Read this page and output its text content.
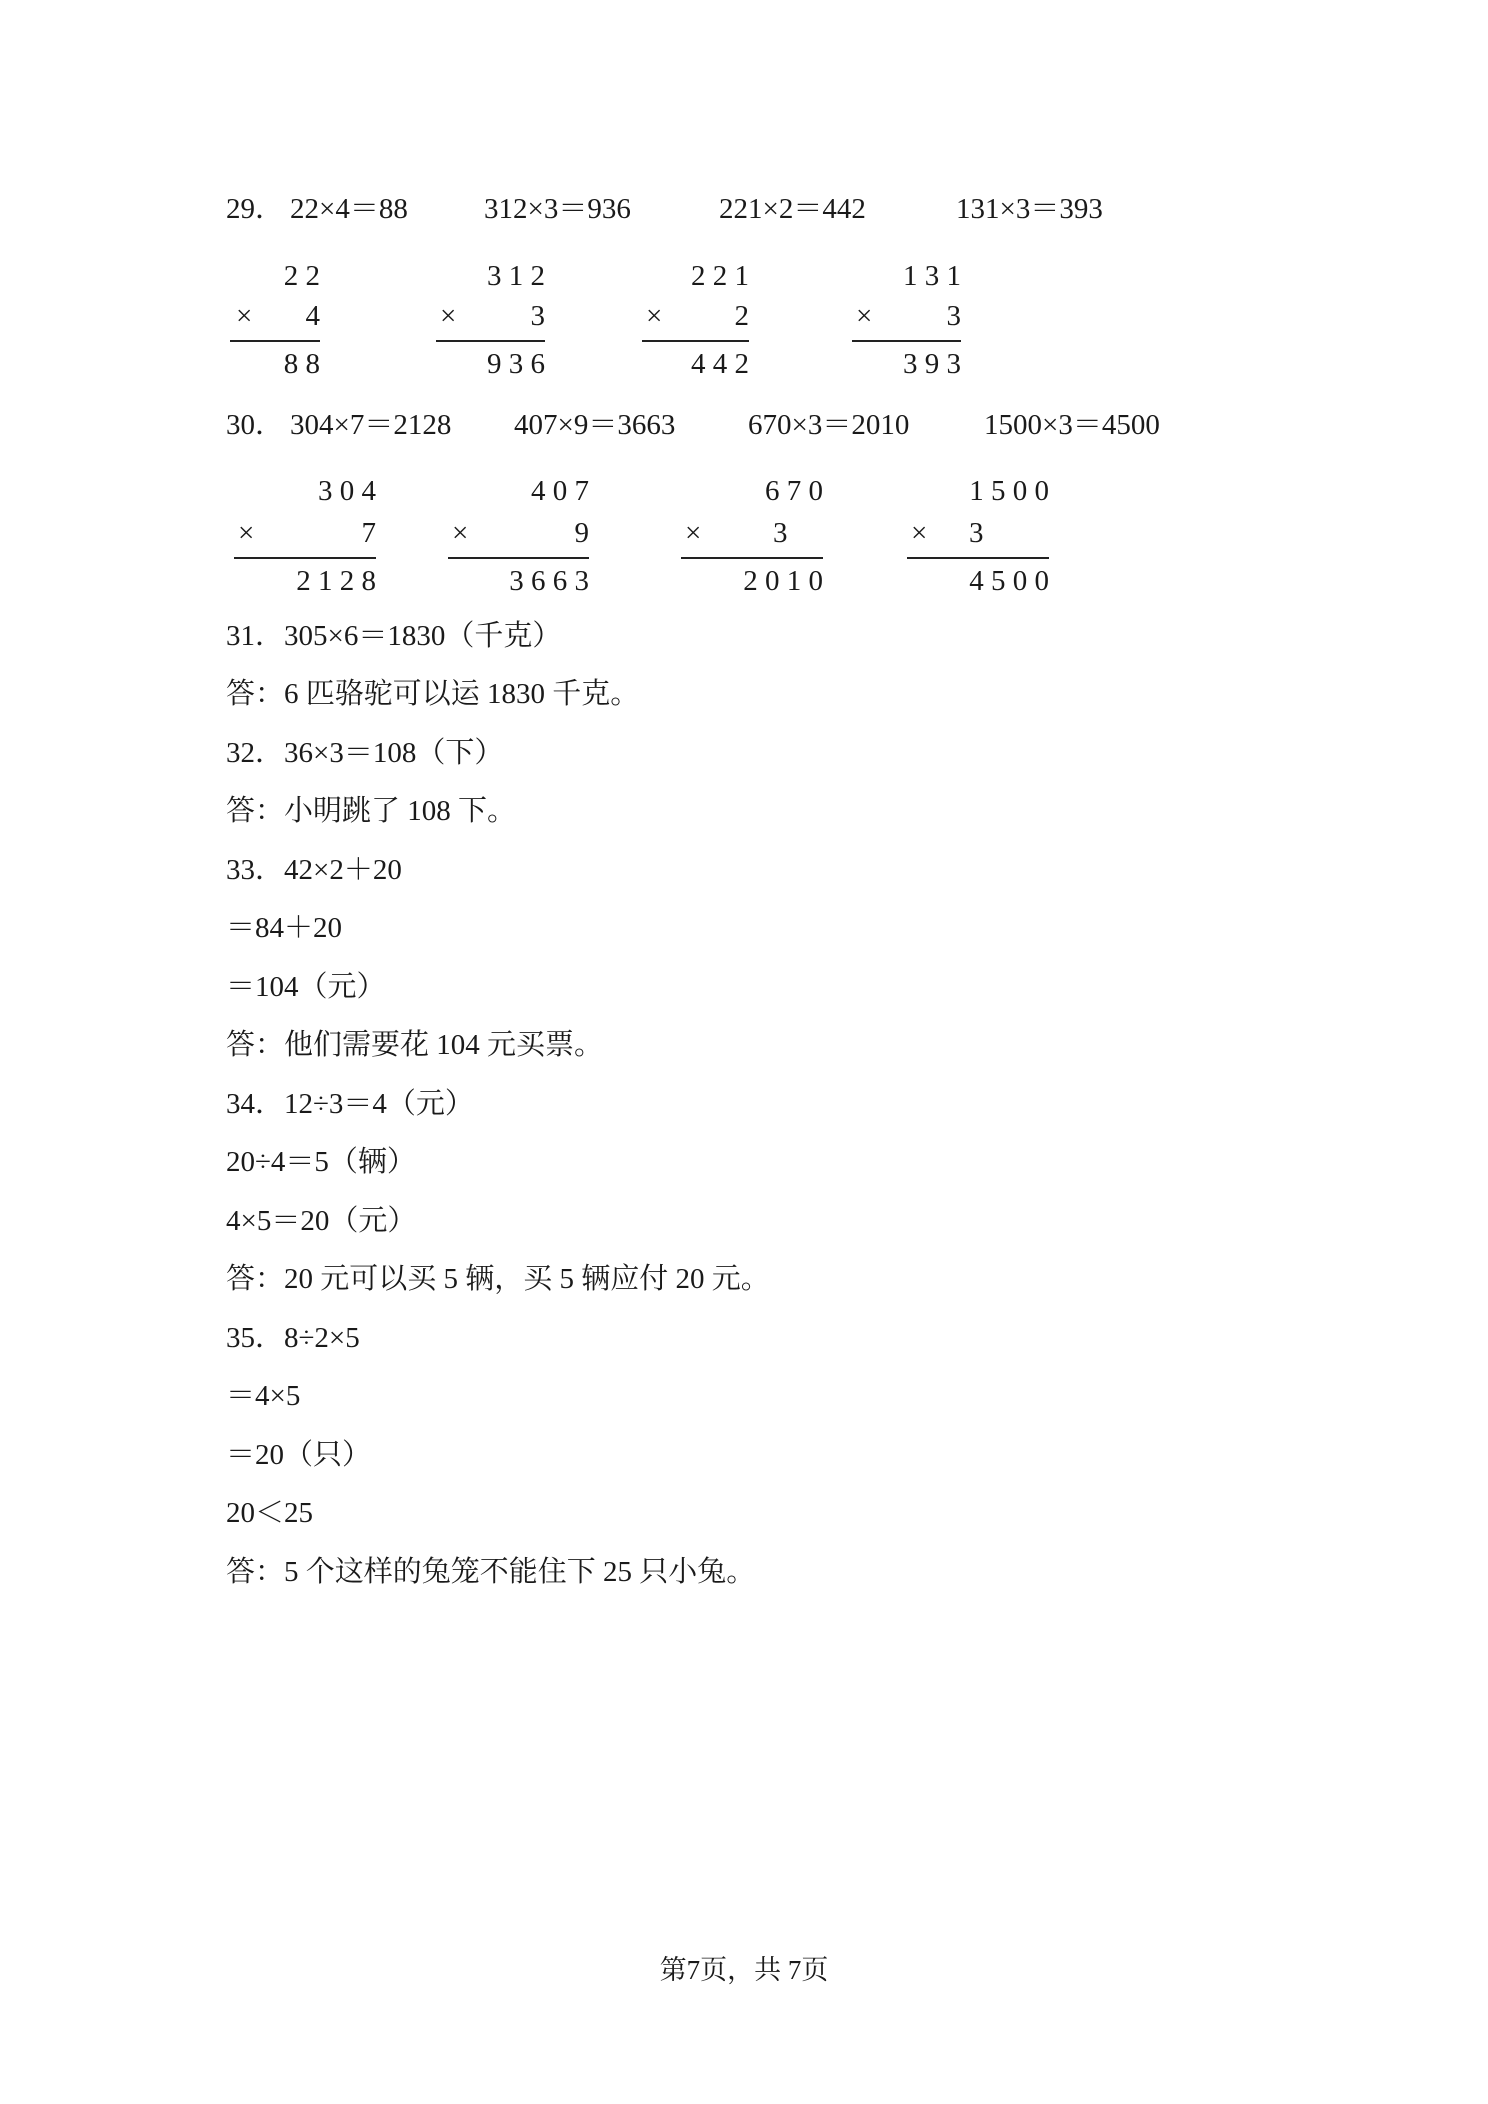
29． 22×4＝88	312×3＝936	221×2＝442	131×3＝393
2 2
× 4
8 8
3 1 2
×	3
9 3 6
2 2 1
× 2
4 4 2
1 3 1
×	3
3 9 3
30． 304×7＝2128 407×9＝3663	670×3＝2010	1500×3＝4500
3 0 4
×	7
2 1 2 8
4 0 7
×	9
3 6 6 3
6 7 0
× 3
2 0 1 0
1 5 0 0
× 3
4 5 0 0
31．305×6＝1830（千克）
答：6 匹骆驼可以运 1830 千克。
32．36×3＝108（下）
答：小明跳了 108 下。
33．42×2＋20
＝84＋20
＝104（元）
答：他们需要花 104 元买票。
34．12÷3＝4（元）
20÷4＝5（辆）
4×5＝20（元）
答：20 元可以买 5 辆，买 5 辆应付 20 元。
35．8÷2×5
＝4×5
＝20（只）
20＜25
答：5 个这样的兔笼不能住下 25 只小兔。
第7页，共 7页
